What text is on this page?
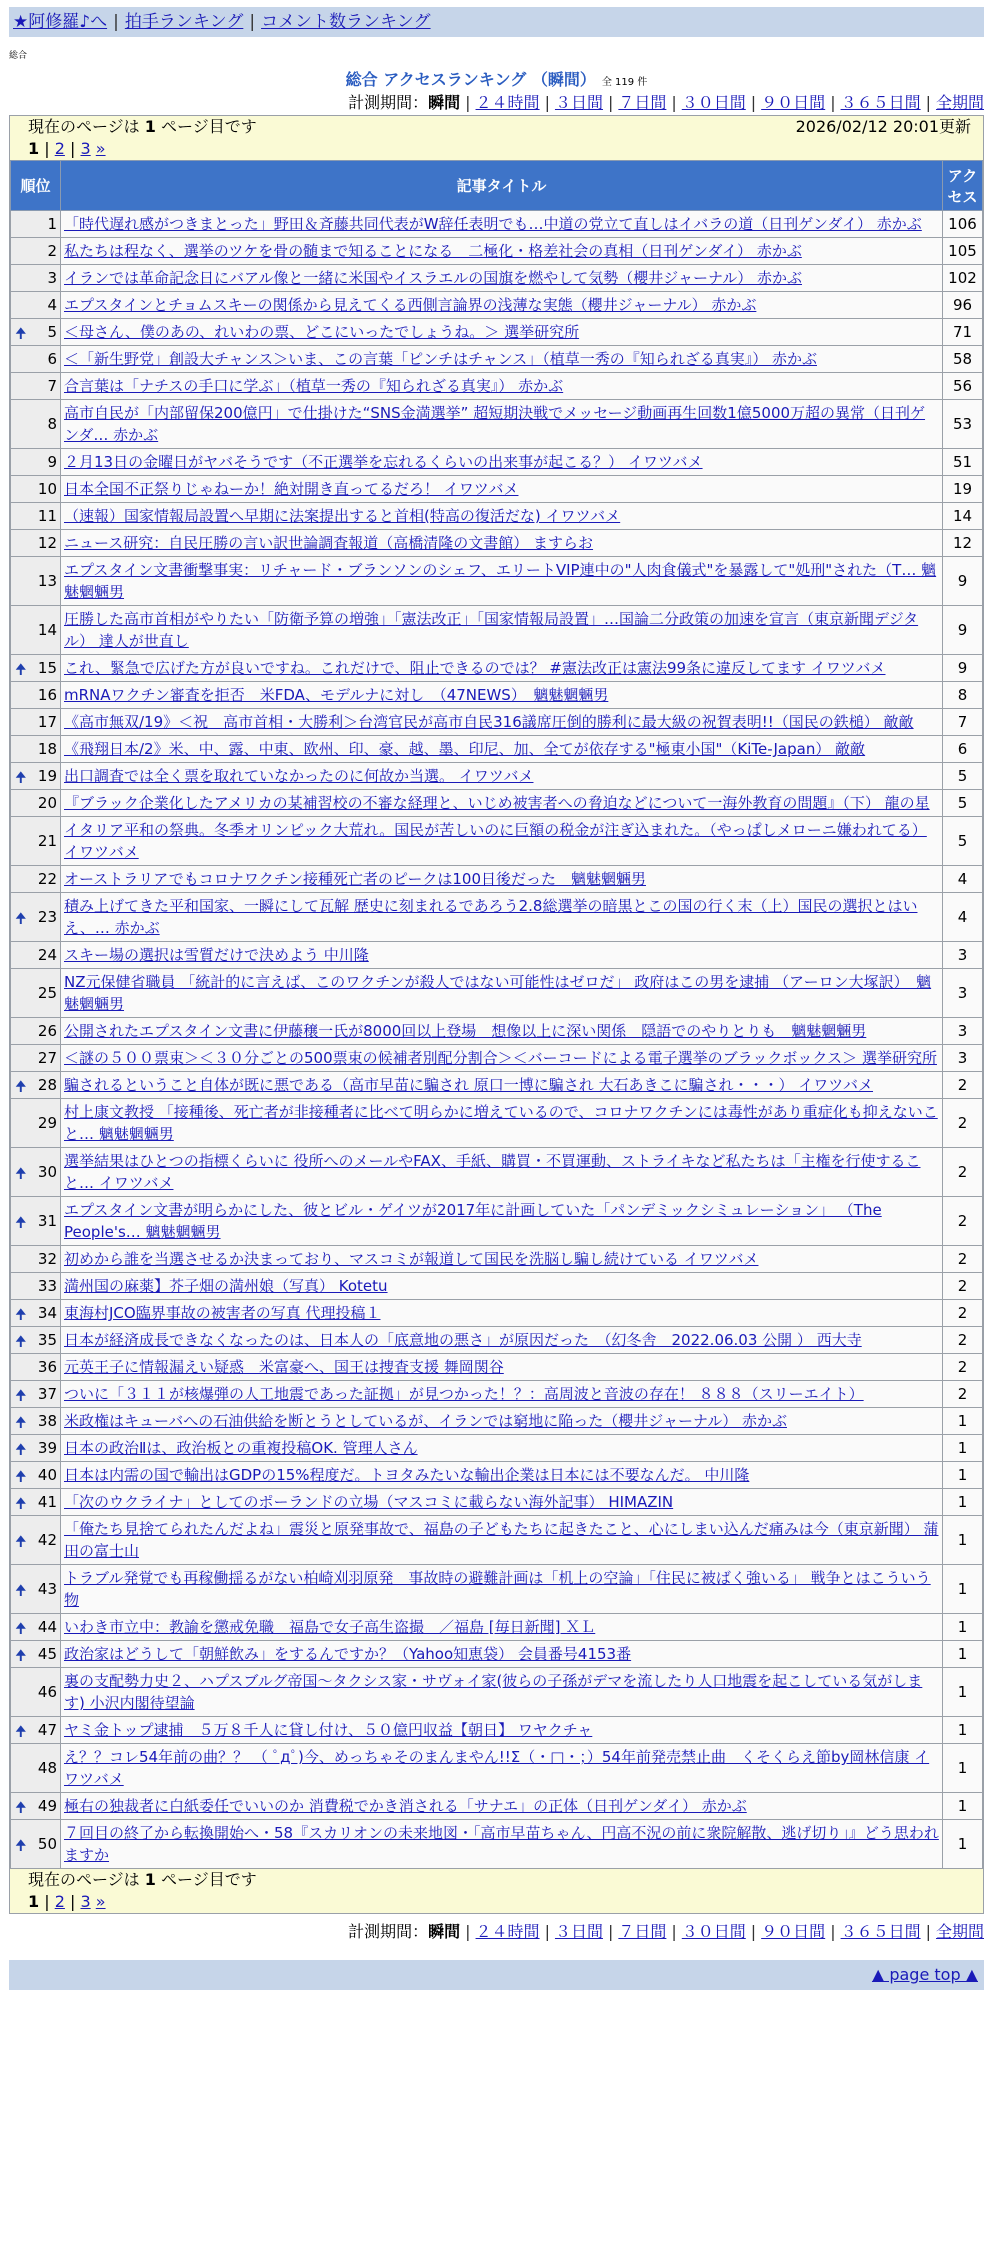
★阿修羅♪へ | 拍手ランキング | コメント数ランキング
総合
総合 アクセスランキング （瞬間） 全 119 件
計測期間：瞬間 | ２４時間 | ３日間 | ７日間 | ３０日間 | ９０日間 | ３６５日間 | 全期間
現在のページは 1 ページ目です	2026/02/12 20:01更新
1 | 2 | 3 »
順位	記事タイトル	アクセス
1	「時代遅れ感がつきまとった」野田＆斉藤共同代表がW辞任表明でも…中道の党立て直しはイバラの道（日刊ゲンダイ） 赤かぶ	106
2	私たちは程なく、選挙のツケを骨の髄まで知ることになる　二極化・格差社会の真相（日刊ゲンダイ） 赤かぶ	105
3	イランでは革命記念日にバアル像と一緒に米国やイスラエルの国旗を燃やして気勢（櫻井ジャーナル） 赤かぶ	102
4	エプスタインとチョムスキーの関係から見えてくる西側言論界の浅薄な実態（櫻井ジャーナル） 赤かぶ	96

🠉 5	＜母さん、僕のあの、れいわの票、どこにいったでしょうね。＞ 選挙研究所	71
6	＜「新生野党」創設大チャンス＞いま、この言葉「ピンチはチャンス」（植草一秀の『知られざる真実』） 赤かぶ	58
7	合言葉は「ナチスの手口に学ぶ」（植草一秀の『知られざる真実』） 赤かぶ	56
8	高市自民が「内部留保200億円」で仕掛けた“SNS金満選挙” 超短期決戦でメッセージ動画再生回数1億5000万超の異常（日刊ゲンダ… 赤かぶ	53
9	２月13日の金曜日がヤバそうです（不正選挙を忘れるくらいの出来事が起こる？） イワツバメ	51
10	日本全国不正祭りじゃねーか！絶対開き直ってるだろ！ イワツバメ	19
11	（速報）国家情報局設置へ早期に法案提出すると首相(特高の復活だな) イワツバメ	14
12	ニュース研究：自民圧勝の言い訳世論調査報道（高橋清隆の文書館） ますらお	12
13	エプスタイン文書衝撃事実：リチャード・ブランソンのシェフ、エリートVIP連中の"人肉食儀式"を暴露して"処刑"された（T… 魑魅魍魎男	9
14	圧勝した高市首相がやりたい「防衛予算の増強」「憲法改正」「国家情報局設置」…国論二分政策の加速を宣言（東京新聞デジタル） 達人が世直し	9

🠉 15	これ、緊急で広げた方が良いですね。これだけで、阻止できるのでは？ #憲法改正は憲法99条に違反してます イワツバメ	9
16	mRNAワクチン審査を拒否　米FDA、モデルナに対し　（47NEWS）　魑魅魍魎男	8
17	《高市無双/19》＜祝　高市首相・大勝利＞台湾官民が高市自民316議席圧倒的勝利に最大級の祝賀表明!!（国民の鉄槌） 敵敵	7
18	《飛翔日本/2》米、中、露、中東、欧州、印、豪、越、墨、印尼、加、全てが依存する"極東小国"（KiTe-Japan） 敵敵	6

🠉 19	出口調査では全く票を取れていなかったのに何故か当選。 イワツバメ	5
20	『ブラック企業化したアメリカの某補習校の不審な経理と、いじめ被害者への脅迫などについて一海外教育の問題』（下） 龍の星	5
21	イタリア平和の祭典。冬季オリンピック大荒れ。国民が苦しいのに巨額の税金が注ぎ込まれた。（やっぱしメローニ嫌われてる） イワツバメ	5
22	オーストラリアでもコロナワクチン接種死亡者のピークは100日後だった　魑魅魍魎男	4

🠉 23	積み上げてきた平和国家、一瞬にして瓦解 歴史に刻まれるであろう2.8総選挙の暗黒とこの国の行く末（上）国民の選択とはいえ、… 赤かぶ	4
24	スキー場の選択は雪質だけで決めよう 中川隆	3
25	NZ元保健省職員 「統計的に言えば、このワクチンが殺人ではない可能性はゼロだ」 政府はこの男を逮捕 （アーロン大塚訳）　魑魅魍魎男	3
26	公開されたエプスタイン文書に伊藤穣一氏が8000回以上登場　想像以上に深い関係　隠語でのやりとりも　魑魅魍魎男	3
27	＜謎の５００票束＞＜３０分ごとの500票束の候補者別配分割合＞＜バーコードによる電子選挙のブラックボックス＞ 選挙研究所	3

🠉 28	騙されるということ自体が既に悪である（高市早苗に騙され 原口一博に騙され 大石あきこに騙され・・・） イワツバメ	2
29	村上康文教授 「接種後、死亡者が非接種者に比べて明らかに増えているので、コロナワクチンには毒性があり重症化も抑えないこと… 魑魅魍魎男	2

🠉 30	選挙結果はひとつの指標くらいに 役所へのメールやFAX、手紙、購買・不買運動、ストライキなど私たちは「主権を行使すること… イワツバメ	2

🠉 31	エプスタイン文書が明らかにした、彼とビル・ゲイツが2017年に計画していた「パンデミックシミュレーション」 （The People's… 魑魅魍魎男	2
32	初めから誰を当選させるか決まっており、マスコミが報道して国民を洗脳し騙し続けている イワツバメ	2
33	満州国の麻薬】芥子畑の満州娘（写真） Kotetu	2

🠉 34	東海村JCO臨界事故の被害者の写真 代理投稿１	2

🠉 35	日本が経済成長できなくなったのは、日本人の「底意地の悪さ」が原因だった　（幻冬舎　2022.06.03 公開 ） 西大寺	2
36	元英王子に情報漏えい疑惑　米富豪へ、国王は捜査支援 舞岡関谷	2

🠉 37	ついに「３１１が核爆弾の人工地震であった証拠」が見つかった！？：高周波と音波の存在！ ８８８（スリーエイト）	2

🠉 38	米政権はキューバへの石油供給を断とうとしているが、イランでは窮地に陥った（櫻井ジャーナル） 赤かぶ	1

🠉 39	日本の政治Ⅱは、政治板との重複投稿OK. 管理人さん	1

🠉 40	日本は内需の国で輸出はGDPの15%程度だ。トヨタみたいな輸出企業は日本には不要なんだ。 中川隆	1

🠉 41	「次のウクライナ」としてのポーランドの立場（マスコミに載らない海外記事） HIMAZIN	1

🠉 42	「俺たち見捨てられたんだよね」震災と原発事故で、福島の子どもたちに起きたこと、心にしまい込んだ痛みは今（東京新聞） 蒲田の富士山	1

🠉 43	トラブル発覚でも再稼働揺るがない柏崎刈羽原発　事故時の避難計画は「机上の空論」「住民に被ばく強いる」 戦争とはこういう物	1

🠉 44	いわき市立中：教諭を懲戒免職　福島で女子高生盗撮　／福島 [毎日新聞] ＸＬ	1

🠉 45	政治家はどうして「朝鮮飲み」をするんですか？（Yahoo知恵袋） 会員番号4153番	1
46	裏の支配勢力史２、ハプスブルグ帝国～タクシス家・サヴォイ家(彼らの子孫がデマを流したり人口地震を起こしている気がします) 小沢内閣待望論	1

🠉 47	ヤミ金トップ逮捕　５万８千人に貸し付け、５０億円収益【朝日】 ワヤクチャ	1
48	え？？コレ54年前の曲？？ （ ﾟдﾟ)今、めっちゃそのまんまやん!!Σ（・□・；）54年前発売禁止曲　くそくらえ節by岡林信康 イワツバメ	1

🠉 49	極右の独裁者に白紙委任でいいのか 消費税でかき消される「サナエ」の正体（日刊ゲンダイ） 赤かぶ	1

🠉 50	７回目の終了から転換開始へ・58『スカリオンの未来地図・「高市早苗ちゃん、円高不況の前に衆院解散、逃げ切り」』どう思われますか	1
現在のページは 1 ページ目です
1 | 2 | 3 »
計測期間：瞬間 | ２４時間 | ３日間 | ７日間 | ３０日間 | ９０日間 | ３６５日間 | 全期間
▲ page top ▲
